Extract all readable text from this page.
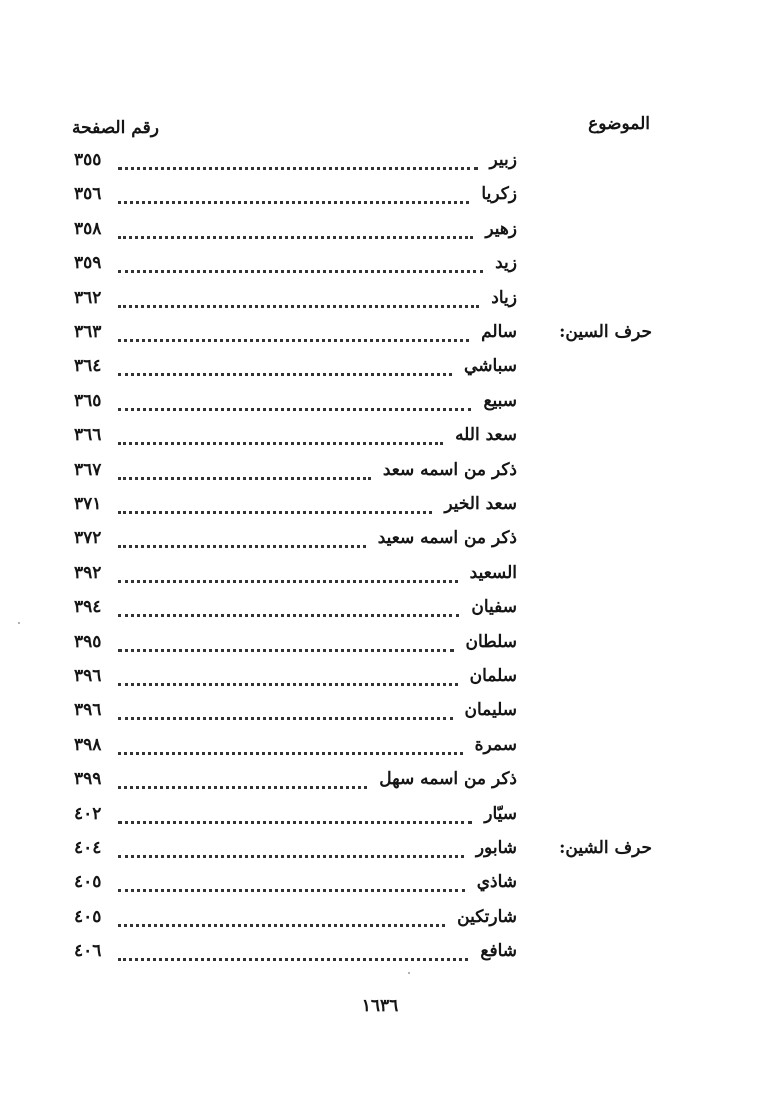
الموضوع
رقم الصفحة
زبير
٣٥٥
زكريا
٣٥٦
زهير
٣٥٨
زيد
٣٥٩
زياد
٣٦٢
حرف السين:
سالم
٣٦٣
سباشي
٣٦٤
سبيع
٣٦٥
سعد الله
٣٦٦
ذكر من اسمه سعد
٣٦٧
سعد الخير
٣٧١
ذكر من اسمه سعيد
٣٧٢
السعيد
٣٩٢
سفيان
٣٩٤
سلطان
٣٩٥
سلمان
٣٩٦
سليمان
٣٩٦
سمرة
٣٩٨
ذكر من اسمه سهل
٣٩٩
سيّار
٤٠٢
حرف الشين:
شابور
٤٠٤
شاذي
٤٠٥
شارتكين
٤٠٥
شافع
٤٠٦
١٦٣٦
